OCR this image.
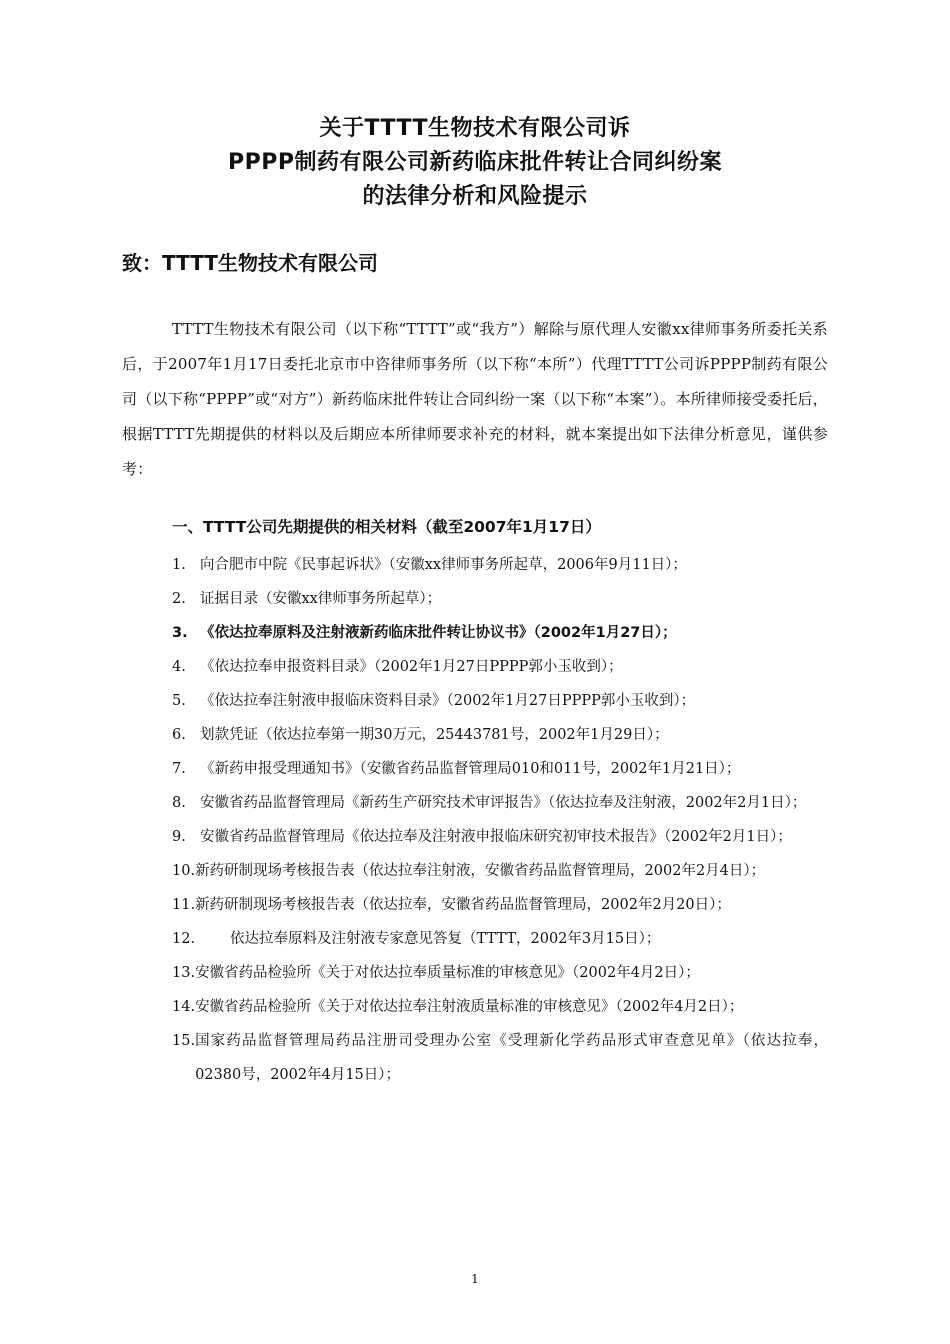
关于TTTT生物技术有限公司诉
PPPP制药有限公司新药临床批件转让合同纠纷案
的法律分析和风险提示
致：TTTT生物技术有限公司
TTTT生物技术有限公司（以下称“TTTT”或“我方”）解除与原代理人安徽xx律师事务所委托关系后，于2007年1月17日委托北京市中咨律师事务所（以下称“本所”）代理TTTT公司诉PPPP制药有限公司（以下称“PPPP”或“对方”）新药临床批件转让合同纠纷一案（以下称“本案”）。本所律师接受委托后，根据TTTT先期提供的材料以及后期应本所律师要求补充的材料，就本案提出如下法律分析意见，谨供参考：
一、TTTT公司先期提供的相关材料（截至2007年1月17日）
1. 向合肥市中院《民事起诉状》（安徽xx律师事务所起草，2006年9月11日）；
2. 证据目录（安徽xx律师事务所起草）；
3. 《依达拉奉原料及注射液新药临床批件转让协议书》（2002年1月27日）；
4. 《依达拉奉申报资料目录》（2002年1月27日PPPP郭小玉收到）；
5. 《依达拉奉注射液申报临床资料目录》（2002年1月27日PPPP郭小玉收到）；
6. 划款凭证（依达拉奉第一期30万元，25443781号，2002年1月29日）；
7. 《新药申报受理通知书》（安徽省药品监督管理局010和011号，2002年1月21日）；
8. 安徽省药品监督管理局《新药生产研究技术审评报告》（依达拉奉及注射液，2002年2月1日）；
9. 安徽省药品监督管理局《依达拉奉及注射液申报临床研究初审技术报告》（2002年2月1日）；
10. 新药研制现场考核报告表（依达拉奉注射液，安徽省药品监督管理局，2002年2月4日）；
11. 新药研制现场考核报告表（依达拉奉，安徽省药品监督管理局，2002年2月20日）；
12.	依达拉奉原料及注射液专家意见答复（TTTT，2002年3月15日）；
13. 安徽省药品检验所《关于对依达拉奉质量标准的审核意见》（2002年4月2日）；
14. 安徽省药品检验所《关于对依达拉奉注射液质量标准的审核意见》（2002年4月2日）；
15. 国家药品监督管理局药品注册司受理办公室《受理新化学药品形式审查意见单》（依达拉奉，02380号，2002年4月15日）；
1
